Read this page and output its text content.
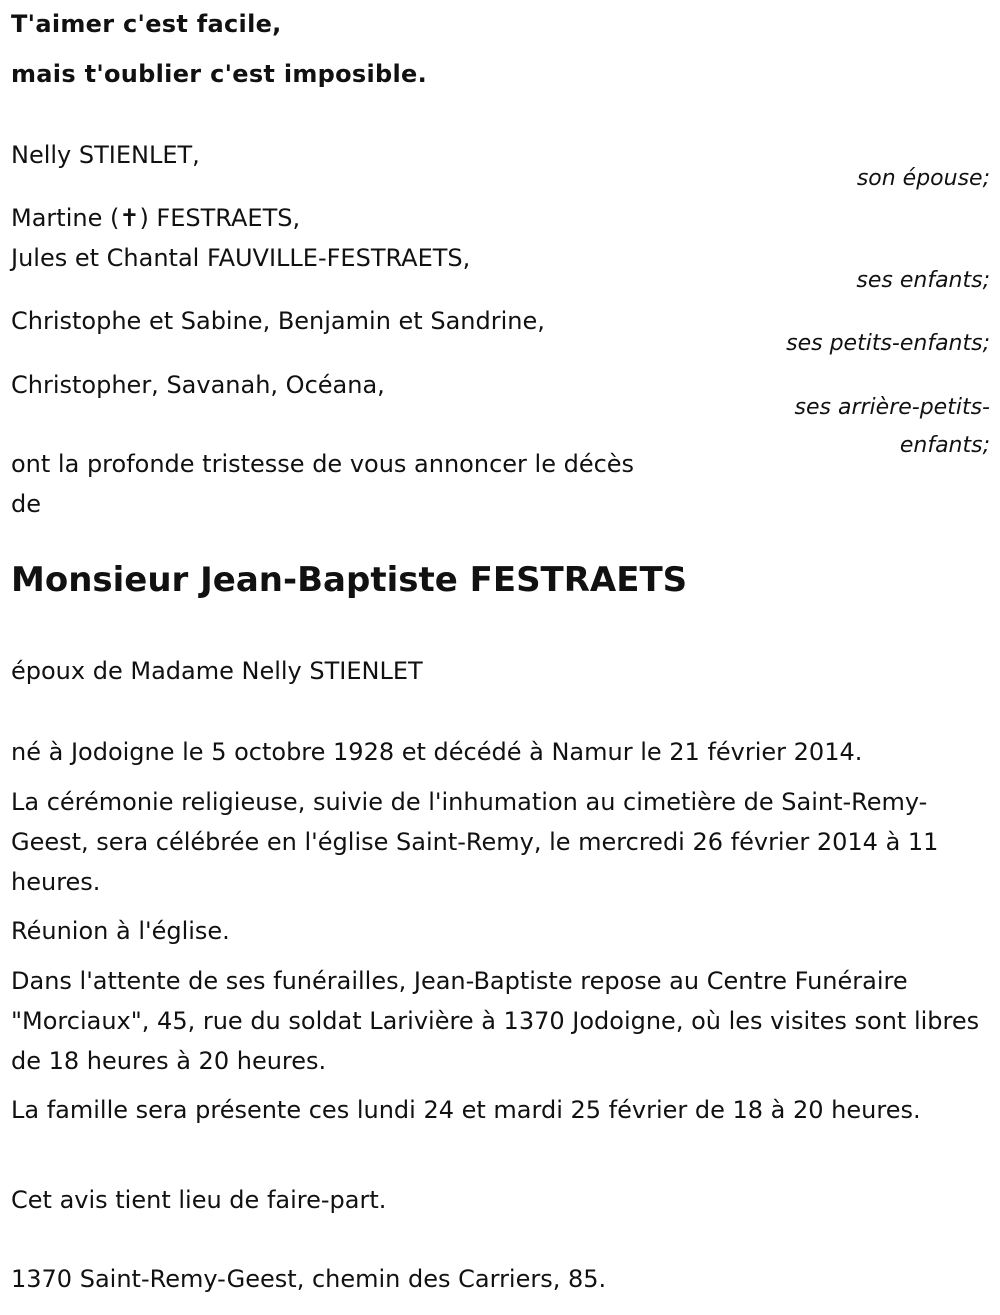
T'aimer c'est facile,
mais t'oublier c'est imposible.
Nelly STIENLET,
son épouse;
Martine (✝) FESTRAETS,
Jules et Chantal FAUVILLE-FESTRAETS,
ses enfants;
Christophe et Sabine, Benjamin et Sandrine,
ses petits-enfants;
Christopher, Savanah, Océana,
ses arrière-petits-
enfants;
ont la profonde tristesse de vous annoncer le décès
de
Monsieur Jean-Baptiste FESTRAETS
époux de Madame Nelly STIENLET
né à Jodoigne le 5 octobre 1928 et décédé à Namur le 21 février 2014.
La cérémonie religieuse, suivie de l'inhumation au cimetière de Saint-Remy-Geest, sera célébrée en l'église Saint-Remy, le mercredi 26 février 2014 à 11 heures.
Réunion à l'église.
Dans l'attente de ses funérailles, Jean-Baptiste repose au Centre Funéraire "Morciaux", 45, rue du soldat Larivière à 1370 Jodoigne, où les visites sont libres de 18 heures à 20 heures.
La famille sera présente ces lundi 24 et mardi 25 février de 18 à 20 heures.
Cet avis tient lieu de faire-part.
1370 Saint-Remy-Geest, chemin des Carriers, 85.
